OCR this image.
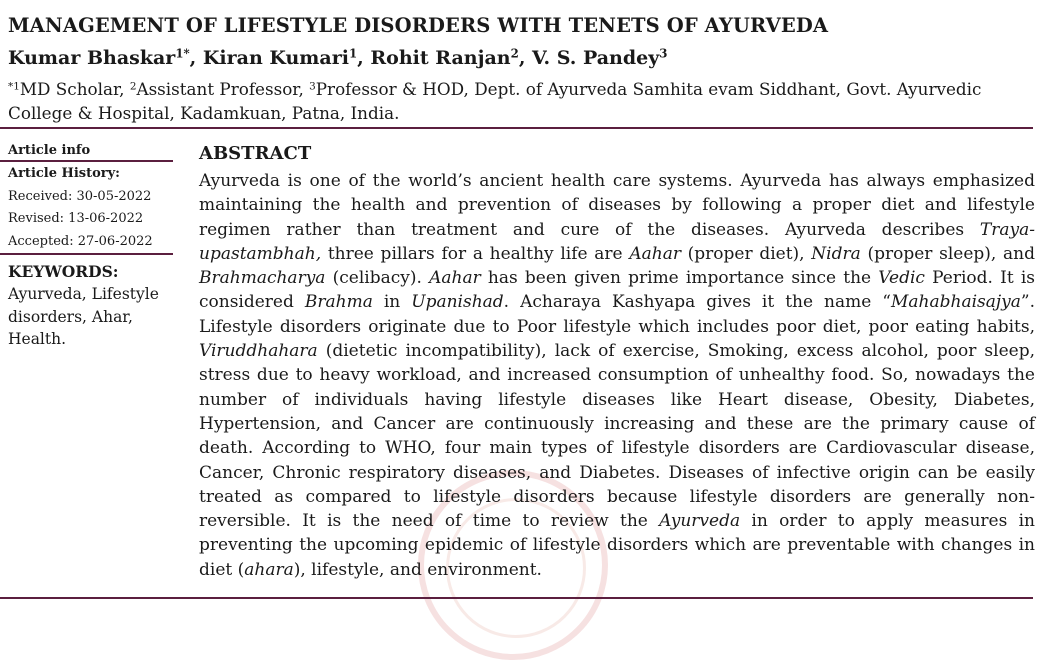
MANAGEMENT OF LIFESTYLE DISORDERS WITH TENETS OF AYURVEDA
Kumar Bhaskar$^{1*}$, Kiran Kumari$^1$, Rohit Ranjan$^2$, V. S. Pandey$^3$
$^{*1}$MD Scholar, $^2$Assistant Professor, $^3$Professor & HOD, Dept. of Ayurveda Samhita evam Siddhant, Govt. Ayurvedic College & Hospital, Kadamkuan, Patna, India.
Article info
Article History:
Received: 30-05-2022
Revised: 13-06-2022
Accepted: 27-06-2022
KEYWORDS:
Ayurveda, Lifestyle disorders, Ahar, Health.
ABSTRACT
Ayurveda is one of the world’s ancient health care systems. Ayurveda has always emphasized maintaining the health and prevention of diseases by following a proper diet and lifestyle regimen rather than treatment and cure of the diseases. Ayurveda describes Traya-upastambhah, three pillars for a healthy life are Aahar (proper diet), Nidra (proper sleep), and Brahmacharya (celibacy). Aahar has been given prime importance since the Vedic Period. It is considered Brahma in Upanishad. Acharaya Kashyapa gives it the name “Mahabhaisajya”. Lifestyle disorders originate due to Poor lifestyle which includes poor diet, poor eating habits, Viruddhahara (dietetic incompatibility), lack of exercise, Smoking, excess alcohol, poor sleep, stress due to heavy workload, and increased consumption of unhealthy food. So, nowadays the number of individuals having lifestyle diseases like Heart disease, Obesity, Diabetes, Hypertension, and Cancer are continuously increasing and these are the primary cause of death. According to WHO, four main types of lifestyle disorders are Cardiovascular disease, Cancer, Chronic respiratory diseases, and Diabetes. Diseases of infective origin can be easily treated as compared to lifestyle disorders because lifestyle disorders are generally non-reversible. It is the need of time to review the Ayurveda in order to apply measures in preventing the upcoming epidemic of lifestyle disorders which are preventable with changes in diet (ahara), lifestyle, and environment.
